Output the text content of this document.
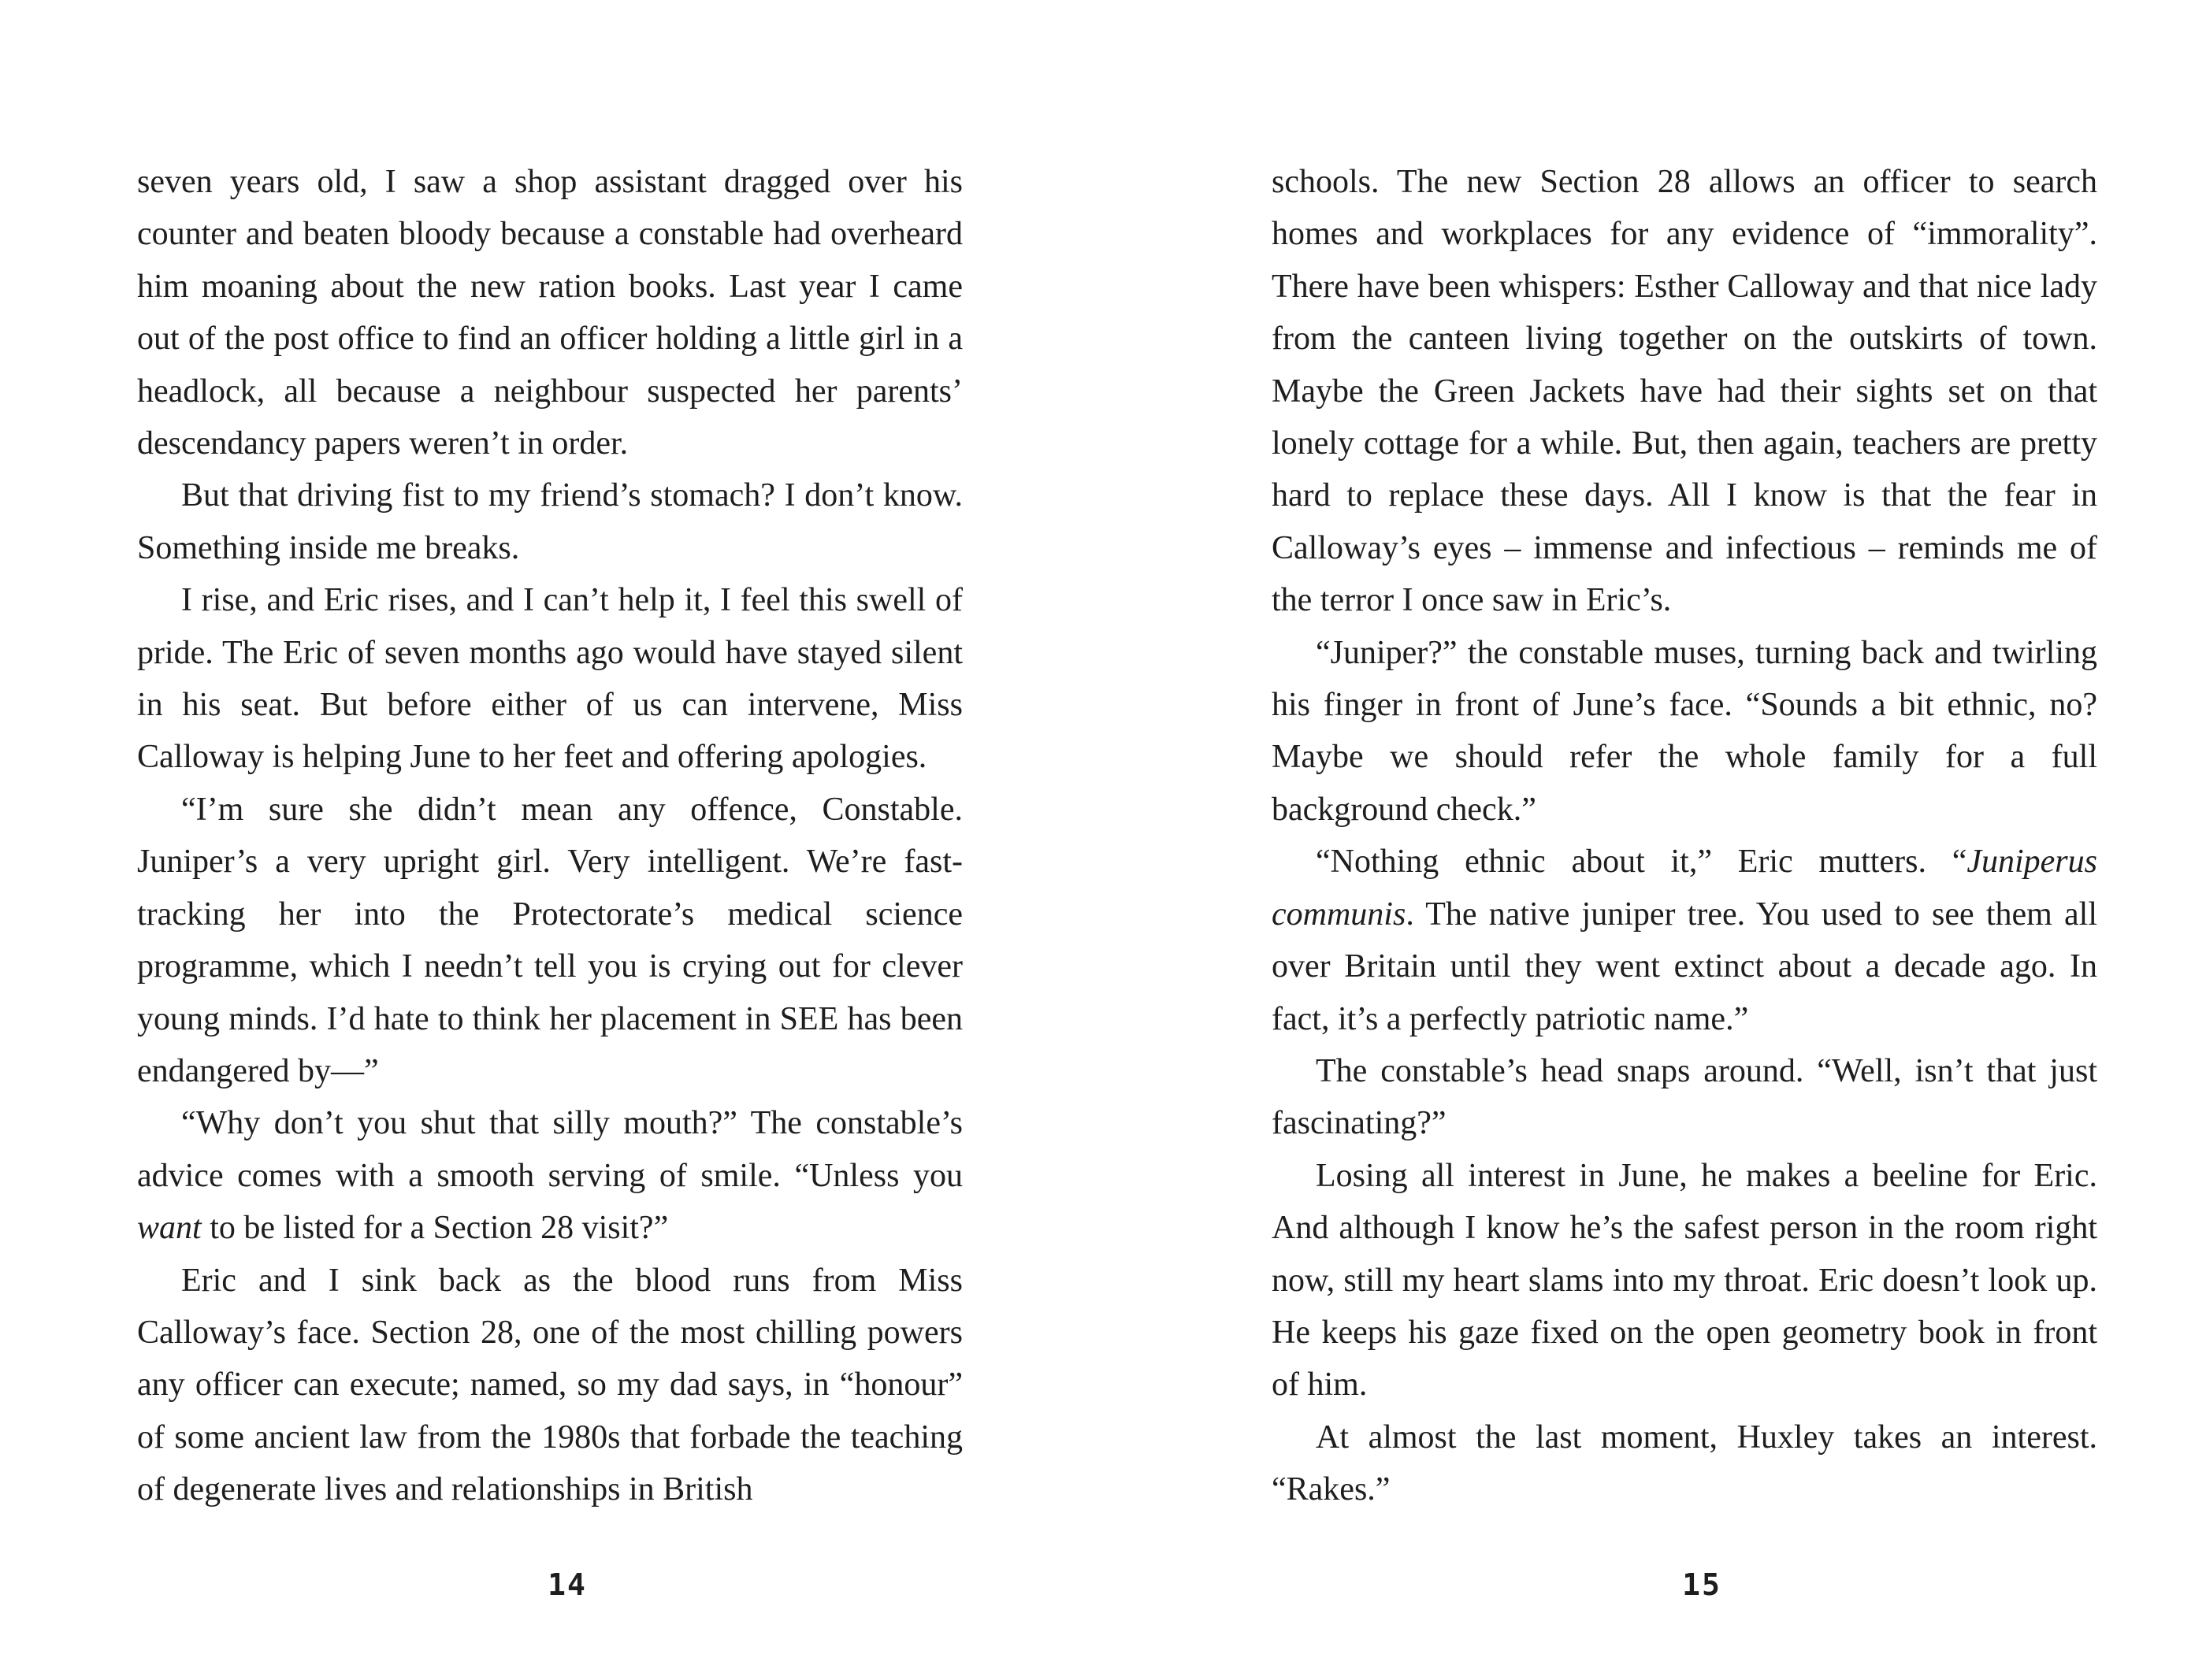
seven years old, I saw a shop assistant dragged over his counter and beaten bloody because a constable had overheard him moaning about the new ration books. Last year I came out of the post office to find an officer holding a little girl in a headlock, all because a neighbour suspected her parents’ descendancy papers weren’t in order.

But that driving fist to my friend’s stomach? I don’t know. Something inside me breaks.

I rise, and Eric rises, and I can’t help it, I feel this swell of pride. The Eric of seven months ago would have stayed silent in his seat. But before either of us can intervene, Miss Calloway is helping June to her feet and offering apologies.

“I’m sure she didn’t mean any offence, Constable. Juniper’s a very upright girl. Very intelligent. We’re fast-tracking her into the Protectorate’s medical science programme, which I needn’t tell you is crying out for clever young minds. I’d hate to think her placement in SEE has been endangered by—”

“Why don’t you shut that silly mouth?” The constable’s advice comes with a smooth serving of smile. “Unless you want to be listed for a Section 28 visit?”

Eric and I sink back as the blood runs from Miss Calloway’s face. Section 28, one of the most chilling powers any officer can execute; named, so my dad says, in “honour” of some ancient law from the 1980s that forbade the teaching of degenerate lives and relationships in British

14

schools. The new Section 28 allows an officer to search homes and workplaces for any evidence of “immorality”. There have been whispers: Esther Calloway and that nice lady from the canteen living together on the outskirts of town. Maybe the Green Jackets have had their sights set on that lonely cottage for a while. But, then again, teachers are pretty hard to replace these days. All I know is that the fear in Calloway’s eyes – immense and infectious – reminds me of the terror I once saw in Eric’s.

“Juniper?” the constable muses, turning back and twirling his finger in front of June’s face. “Sounds a bit ethnic, no? Maybe we should refer the whole family for a full background check.”

“Nothing ethnic about it,” Eric mutters. “Juniperus communis. The native juniper tree. You used to see them all over Britain until they went extinct about a decade ago. In fact, it’s a perfectly patriotic name.”

The constable’s head snaps around. “Well, isn’t that just fascinating?”

Losing all interest in June, he makes a beeline for Eric. And although I know he’s the safest person in the room right now, still my heart slams into my throat. Eric doesn’t look up. He keeps his gaze fixed on the open geometry book in front of him.

At almost the last moment, Huxley takes an interest. “Rakes.”

15
